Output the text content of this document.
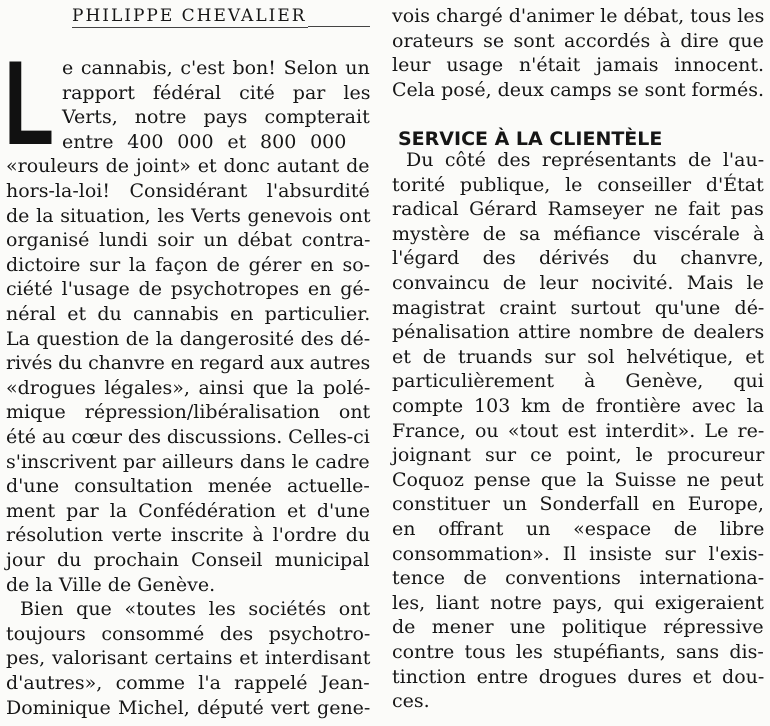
PHILIPPE CHEVALIER
L e cannabis, c'est bon! Selon un
rapport fédéral cité par les
Verts, notre pays compterait
entre 400 000 et 800 000
«rouleurs de joint» et donc autant de
hors-la-loi! Considérant l'absurdité
de la situation, les Verts genevois ont
organisé lundi soir un débat contra-
dictoire sur la façon de gérer en so-
ciété l'usage de psychotropes en gé-
néral et du cannabis en particulier.
La question de la dangerosité des dé-
rivés du chanvre en regard aux autres
«drogues légales», ainsi que la polé-
mique répression/libéralisation ont
été au cœur des discussions. Celles-ci
s'inscrivent par ailleurs dans le cadre
d'une consultation menée actuelle-
ment par la Confédération et d'une
résolution verte inscrite à l'ordre du
jour du prochain Conseil municipal
de la Ville de Genève.
Bien que «toutes les sociétés ont
toujours consommé des psychotro-
pes, valorisant certains et interdisant
d'autres», comme l'a rappelé Jean-
Dominique Michel, député vert gene-
vois chargé d'animer le débat, tous les
orateurs se sont accordés à dire que
leur usage n'était jamais innocent.
Cela posé, deux camps se sont formés.
Du côté des représentants de l'au-
torité publique, le conseiller d'État
radical Gérard Ramseyer ne fait pas
mystère de sa méfiance viscérale à
l'égard des dérivés du chanvre,
convaincu de leur nocivité. Mais le
magistrat craint surtout qu'une dé-
pénalisation attire nombre de dealers
et de truands sur sol helvétique, et
particulièrement à Genève, qui
compte 103 km de frontière avec la
France, ou «tout est interdit». Le re-
joignant sur ce point, le procureur
Coquoz pense que la Suisse ne peut
constituer un Sonderfall en Europe,
en offrant un «espace de libre
consommation». Il insiste sur l'exis-
tence de conventions internationa-
les, liant notre pays, qui exigeraient
de mener une politique répressive
contre tous les stupéfiants, sans dis-
tinction entre drogues dures et dou-
ces.
SERVICE À LA CLIENTÈLE
